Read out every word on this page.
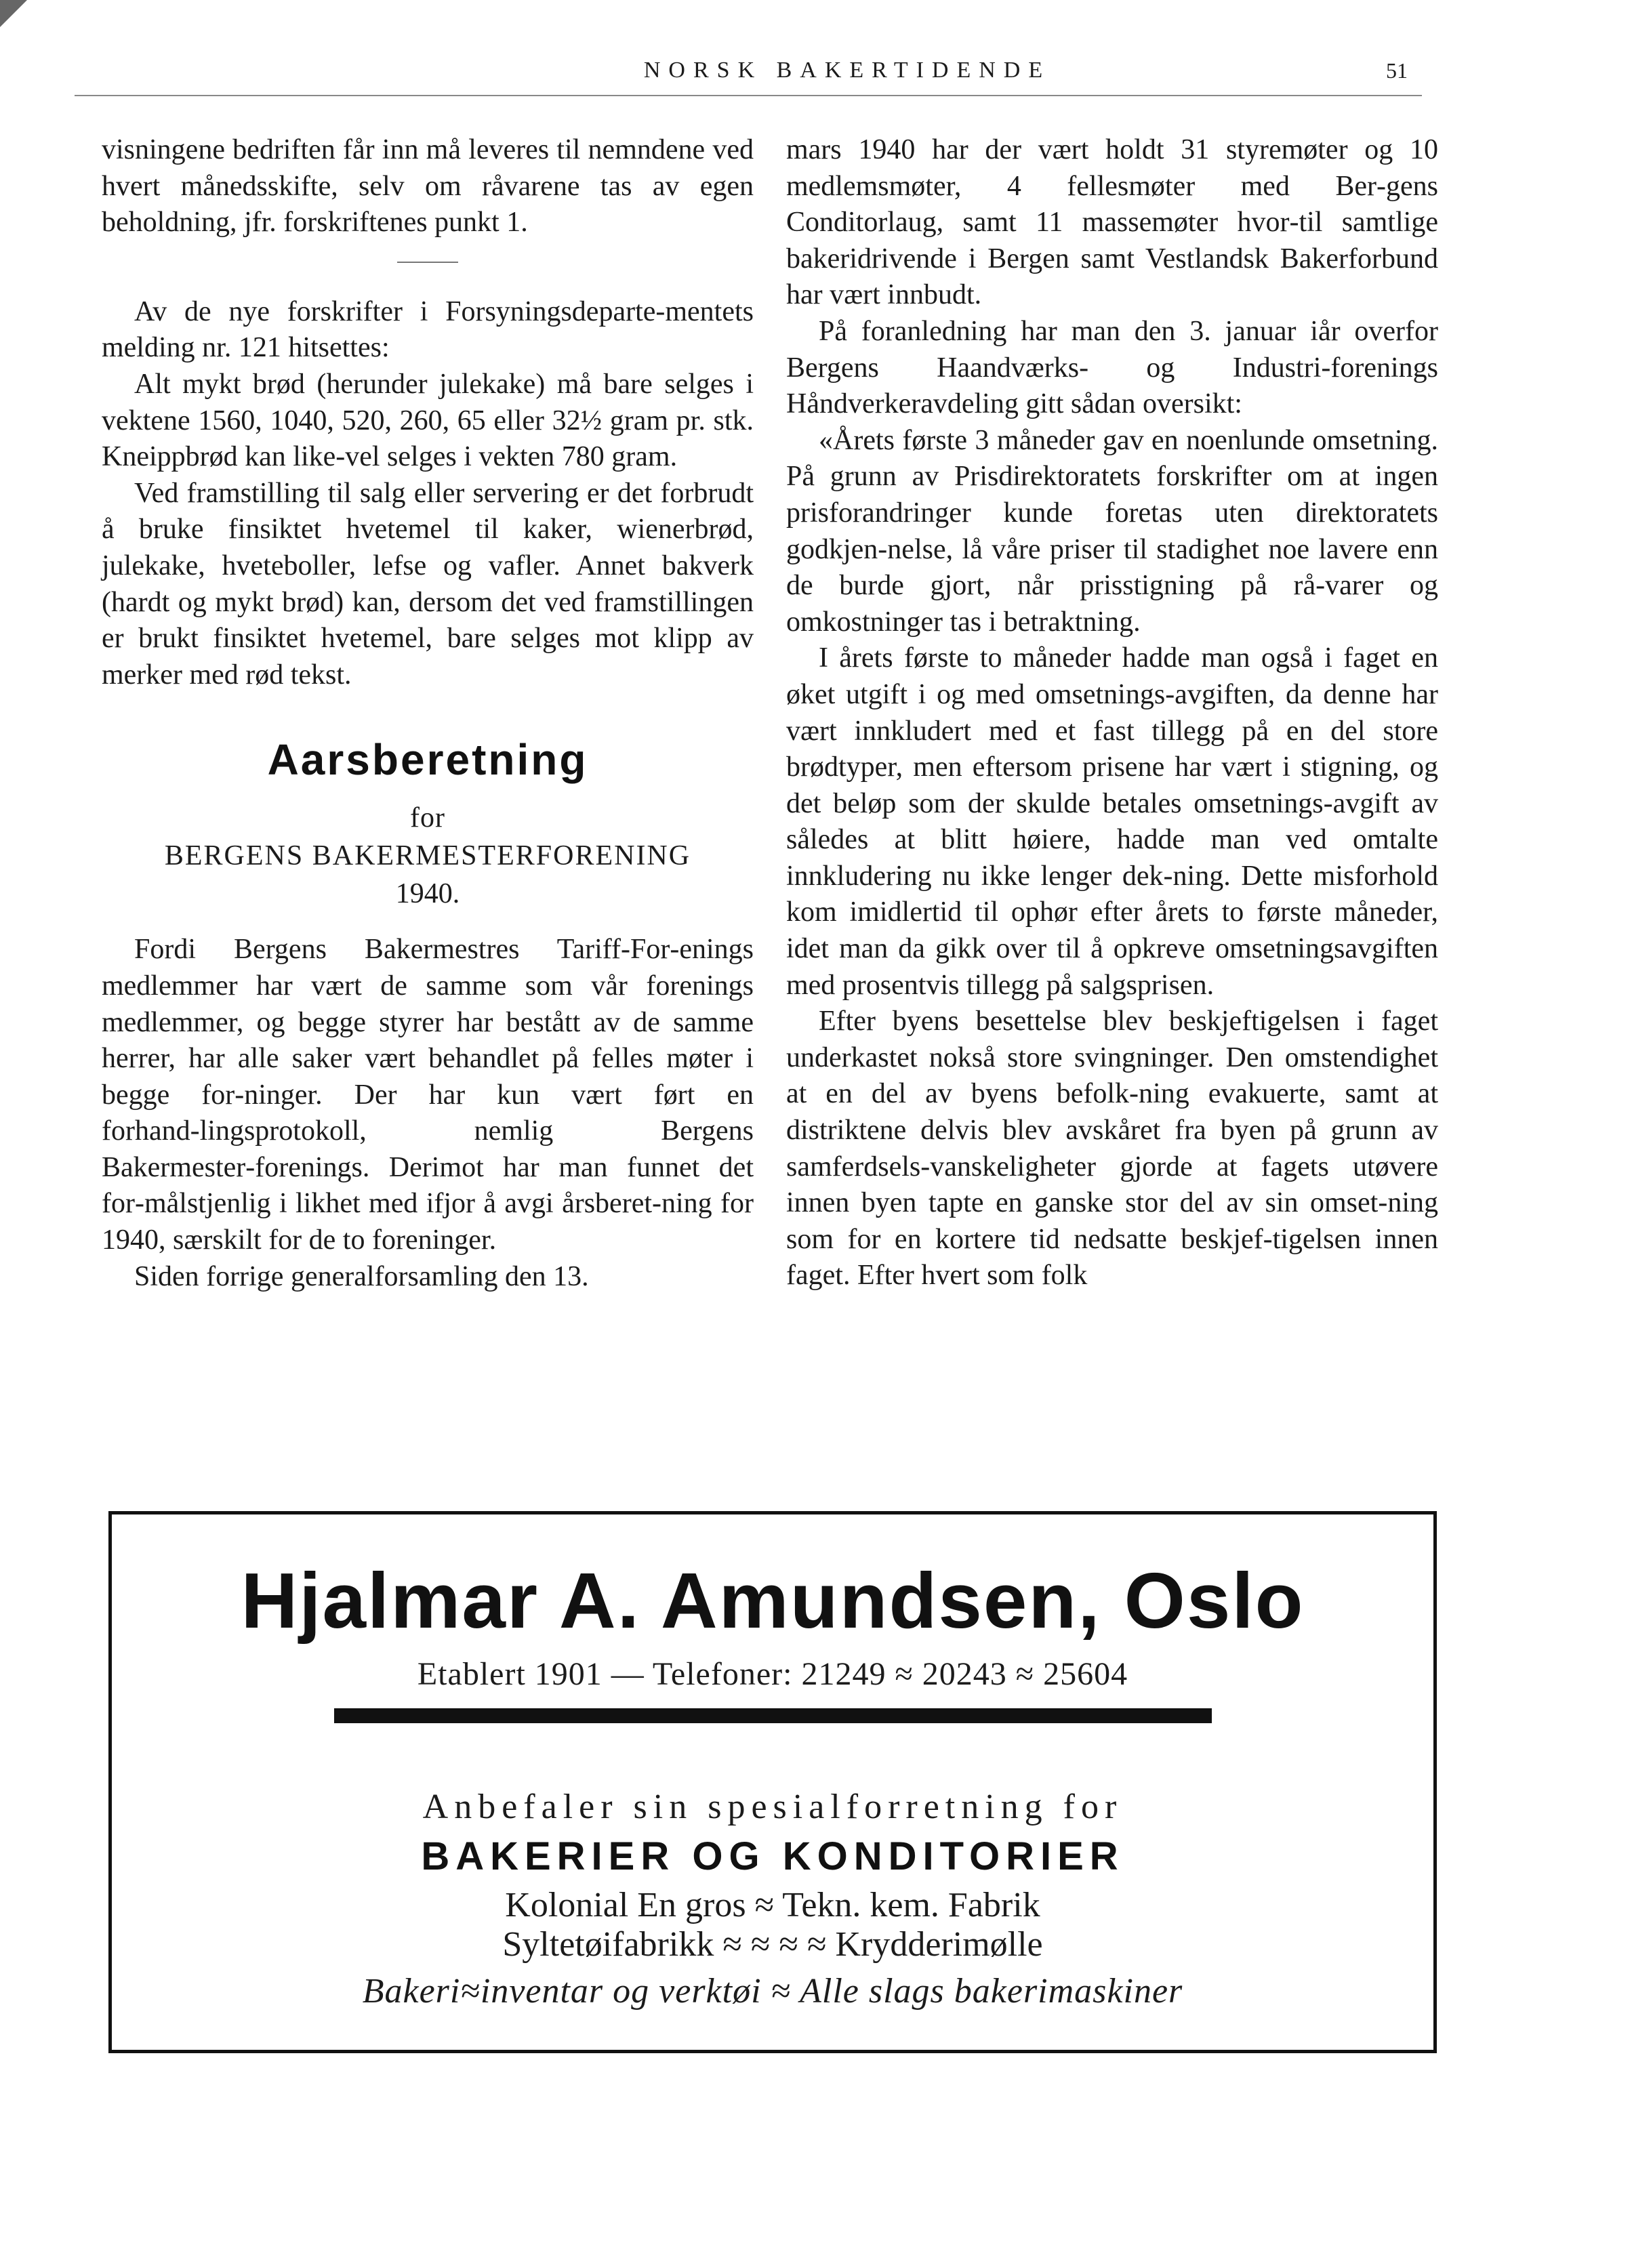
NORSK BAKERTIDENDE	51

visningene bedriften får inn må leveres til nemndene ved hvert månedsskifte, selv om råvarene tas av egen beholdning, jfr. forskriftenes punkt 1.

Av de nye forskrifter i Forsyningsdeparte‑mentets melding nr. 121 hitsettes:

Alt mykt brød (herunder julekake) må bare selges i vektene 1560, 1040, 520, 260, 65 eller 32½ gram pr. stk. Kneippbrød kan like‑vel selges i vekten 780 gram.

Ved framstilling til salg eller servering er det forbrudt å bruke finsiktet hvetemel til kaker, wienerbrød, julekake, hveteboller, lefse og vafler. Annet bakverk (hardt og mykt brød) kan, dersom det ved framstillingen er brukt finsiktet hvetemel, bare selges mot klipp av merker med rød tekst.

Aarsberetning
for
BERGENS BAKERMESTERFORENING
1940.

Fordi Bergens Bakermestres Tariff‑For‑enings medlemmer har vært de samme som vår forenings medlemmer, og begge styrer har bestått av de samme herrer, har alle saker vært behandlet på felles møter i begge for‑ninger. Der har kun vært ført en forhand‑lingsprotokoll, nemlig Bergens Bakermester‑forenings. Derimot har man funnet det for‑målstjenlig i likhet med ifjor å avgi årsberet‑ning for 1940, særskilt for de to foreninger.

Siden forrige generalforsamling den 13.

mars 1940 har der vært holdt 31 styremøter og 10 medlemsmøter, 4 fellesmøter med Ber‑gens Conditorlaug, samt 11 massemøter hvor‑til samtlige bakeridrivende i Bergen samt Vestlandsk Bakerforbund har vært innbudt.

På foranledning har man den 3. januar iår overfor Bergens Haandværks‑ og Industri‑forenings Håndverkeravdeling gitt sådan oversikt:

«Årets første 3 måneder gav en noenlunde omsetning. På grunn av Prisdirektoratets forskrifter om at ingen prisforandringer kunde foretas uten direktoratets godkjen‑nelse, lå våre priser til stadighet noe lavere enn de burde gjort, når prisstigning på rå‑varer og omkostninger tas i betraktning.

I årets første to måneder hadde man også i faget en øket utgift i og med omsetnings‑avgiften, da denne har vært innkludert med et fast tillegg på en del store brødtyper, men eftersom prisene har vært i stigning, og det beløp som der skulde betales omsetnings‑avgift av således at blitt høiere, hadde man ved omtalte innkludering nu ikke lenger dek‑ning. Dette misforhold kom imidlertid til ophør efter årets to første måneder, idet man da gikk over til å opkreve omsetningsavgiften med prosentvis tillegg på salgsprisen.

Efter byens besettelse blev beskjeftigelsen i faget underkastet nokså store svingninger. Den omstendighet at en del av byens befolk‑ning evakuerte, samt at distriktene delvis blev avskåret fra byen på grunn av samferdsels‑vanskeligheter gjorde at fagets utøvere innen byen tapte en ganske stor del av sin omset‑ning som for en kortere tid nedsatte beskjef‑tigelsen innen faget. Efter hvert som folk

Hjalmar A. Amundsen, Oslo
Etablert 1901 — Telefoner: 21249 ≈ 20243 ≈ 25604
Anbefaler sin spesialforretning for
BAKERIER OG KONDITORIER
Kolonial En gros ≈ Tekn. kem. Fabrik
Syltetøifabrikk ≈ ≈ ≈ ≈ Krydderimølle
Bakeri≈inventar og verktøi ≈ Alle slags bakerimaskiner
